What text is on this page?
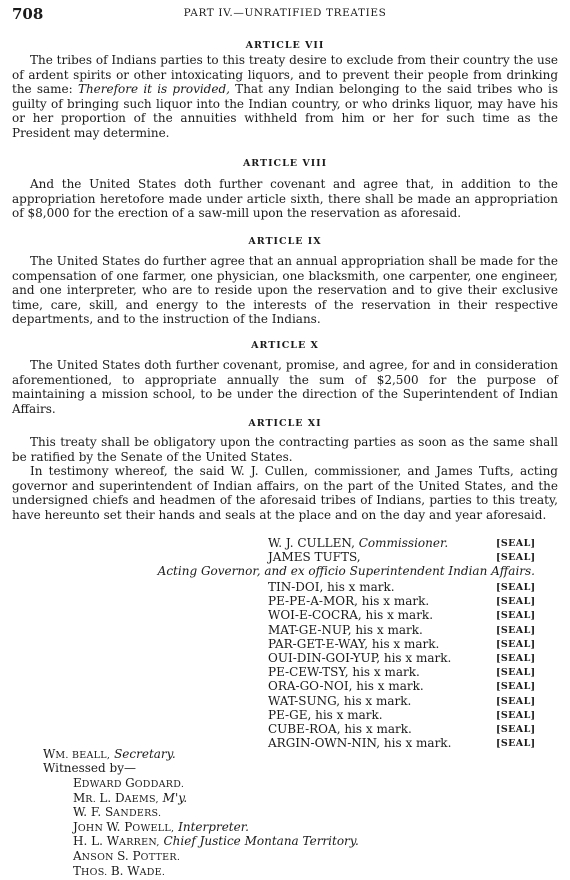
708	PART IV.—UNRATIFIED TREATIES
ARTICLE VII
The tribes of Indians parties to this treaty desire to exclude from their country the use of ardent spirits or other intoxicating liquors, and to prevent their people from drinking the same: Therefore it is provided, That any Indian belonging to the said tribes who is guilty of bringing such liquor into the Indian country, or who drinks liquor, may have his or her proportion of the annuities withheld from him or her for such time as the President may determine.
ARTICLE VIII
And the United States doth further covenant and agree that, in addition to the appropriation heretofore made under article sixth, there shall be made an appropriation of $8,000 for the erection of a saw-mill upon the reservation as aforesaid.
ARTICLE IX
The United States do further agree that an annual appropriation shall be made for the compensation of one farmer, one physician, one blacksmith, one carpenter, one engineer, and one interpreter, who are to reside upon the reservation and to give their exclusive time, care, skill, and energy to the interests of the reservation in their respective departments, and to the instruction of the Indians.
ARTICLE X
The United States doth further covenant, promise, and agree, for and in consideration aforementioned, to appropriate annually the sum of $2,500 for the purpose of maintaining a mission school, to be under the direction of the Superintendent of Indian Affairs.
ARTICLE XI
This treaty shall be obligatory upon the contracting parties as soon as the same shall be ratified by the Senate of the United States.
In testimony whereof, the said W. J. Cullen, commissioner, and James Tufts, acting governor and superintendent of Indian affairs, on the part of the United States, and the undersigned chiefs and headmen of the aforesaid tribes of Indians, parties to this treaty, have hereunto set their hands and seals at the place and on the day and year aforesaid.
W. J. CULLEN, Commissioner.	[SEAL]
JAMES TUFTS,	[SEAL]
Acting Governor, and ex officio Superintendent Indian Affairs.
TIN-DOI, his x mark.	[SEAL]
PE-PE-A-MOR, his x mark.	[SEAL]
WOI-E-COCRA, his x mark.	[SEAL]
MAT-GE-NUP, his x mark.	[SEAL]
PAR-GET-E-WAY, his x mark.	[SEAL]
OUI-DIN-GOI-YUP, his x mark.	[SEAL]
PE-CEW-TSY, his x mark.	[SEAL]
ORA-GO-NOI, his x mark.	[SEAL]
WAT-SUNG, his x mark.	[SEAL]
PE-GE, his x mark.	[SEAL]
CUBE-ROA, his x mark.	[SEAL]
ARGIN-OWN-NIN, his x mark.	[SEAL]
WM. BEALL, Secretary.
Witnessed by—
EDWARD GODDARD.
MR. L. DAEMS, M'y.
W. F. SANDERS.
JOHN W. POWELL, Interpreter.
H. L. WARREN, Chief Justice Montana Territory.
ANSON S. POTTER.
THOS. B. WADE.
